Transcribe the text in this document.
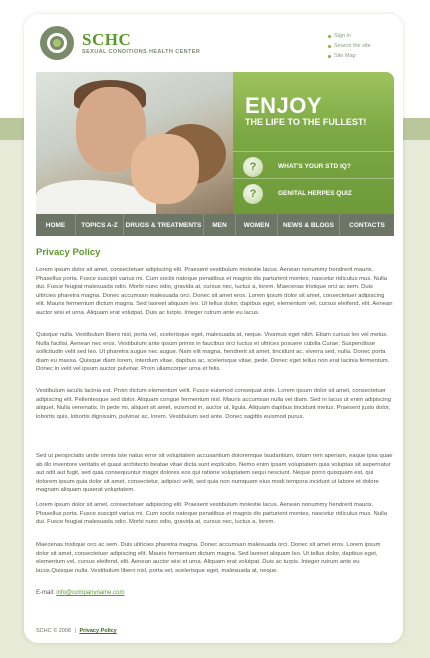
SCHC
SEXUAL CONDITIONS HEALTH CENTER
Sign in
Search the site
Site Map
ENJOY
THE LIFE TO THE FULLEST!
?	WHAT'S YOUR STD IQ?
?	GENITAL HERPES QUIZ
HOME	TOPICS A-Z	DRUGS & TREATMENTS	MEN	WOMEN	NEWS & BLOGS	CONTACTS
Privacy Policy
Lorem ipsum dolor sit amet, consectetuer adipiscing elit. Praesent vestibulum molestie lacus. Aenean nonummy hendrerit mauris. Phasellus porta. Fusce suscipit varius mi. Cum sociis natoque penatibus et magnis dis parturient montes, nascetur ridiculus mus. Nulla dui. Fusce feugiat malesuada odio. Morbi nunc odio, gravida at, cursus nec, luctus a, lorem. Maecenas tristique orci ac sem. Duis ultricies pharetra magna. Donec accumsan malesuada orci. Donec sit amet eros. Lorem ipsum dolor sit amet, consectetuer adipiscing elit. Mauris fermentum dictum magna. Sed laoreet aliquam leo. Ut tellus dolor, dapibus eget, elementum vel, cursus eleifend, elit. Aenean auctor wisi et urna. Aliquam erat volutpat. Duis ac turpis. Integer rutrum ante eu lacus.
Quisque nulla. Vestibulum libero nisl, porta vel, scelerisque eget, malesuada at, neque. Vivamus eget nibh. Etiam cursus leo vel metus. Nulla facilisi. Aenean nec eros. Vestibulum ante ipsum primis in faucibus orci luctus et ultrices posuere cubilia Curae; Suspendisse sollicitudin velit sed leo. Ut pharetra augue nec augue. Nam elit magna, hendrerit sit amet, tincidunt ac, viverra sed, nulla. Donec porta diam eu massa. Quisque diam lorem, interdum vitae, dapibus ac, scelerisque vitae, pede. Donec eget tellus non erat lacinia fermentum. Donec in velit vel ipsum auctor pulvinar. Proin ullamcorper urna et felis.
Vestibulum iaculis lacinia est. Proin dictum elementum velit. Fusce euismod consequat ante. Lorem ipsum dolor sit amet, consectetuer adipiscing elit. Pellentesque sed dolor. Aliquam congue fermentum nisl. Mauris accumsan nulla vel diam. Sed in lacus ut enim adipiscing aliquet. Nulla venenatis. In pede mi, aliquet sit amet, euismod in, auctor ut, ligula. Aliquam dapibus tincidunt metus. Praesent justo dolor, lobortis quis, lobortis dignissim, pulvinar ac, lorem. Vestibulum sed ante. Donec sagittis euismod purus.
Sed ut perspiciatis unde omnis iste natus error sit voluptatem accusantium doloremque laudantium, totam rem aperiam, eaque ipsa quae ab illo inventore veritatis et quasi architecto beatae vitae dicta sunt explicabo. Nemo enim ipsam voluptatem quia voluptas sit aspernatur aut odit aut fugit, sed quia consequuntur magni dolores eos qui ratione voluptatem sequi nesciunt. Neque porro quisquam est, qui dolorem ipsum quia dolor sit amet, consectetur, adipisci velit, sed quia non numquam eius modi tempora incidunt ut labore et dolore magnam aliquam quaerat voluptatem.
Lorem ipsum dolor sit amet, consectetuer adipiscing elit. Praesent vestibulum molestie lacus. Aenean nonummy hendrerit mauris. Phasellus porta. Fusce suscipit varius mi. Cum sociis natoque penatibus et magnis dis parturient montes, nascetur ridiculus mus. Nulla dui. Fusce feugiat malesuada odio. Morbi nunc odio, gravida at, cursus nec, luctus a, lorem.
Maecenas tristique orci ac sem. Duis ultricies pharetra magna. Donec accumsan malesuada orci. Donec sit amet eros. Lorem ipsum dolor sit amet, consectetuer adipiscing elit. Mauris fermentum dictum magna. Sed laoreet aliquam leo. Ut tellus dolor, dapibus eget, elementum vel, cursus eleifend, elit. Aenean auctor wisi et urna. Aliquam erat volutpat. Duis ac turpis. Integer rutrum ante eu lacus.Quisque nulla. Vestibulum libero nisl, porta vel, scelerisque eget, malesuada at, neque.
E-mail: info@companyname.com
SCHC © 2008 | Privacy Policy
